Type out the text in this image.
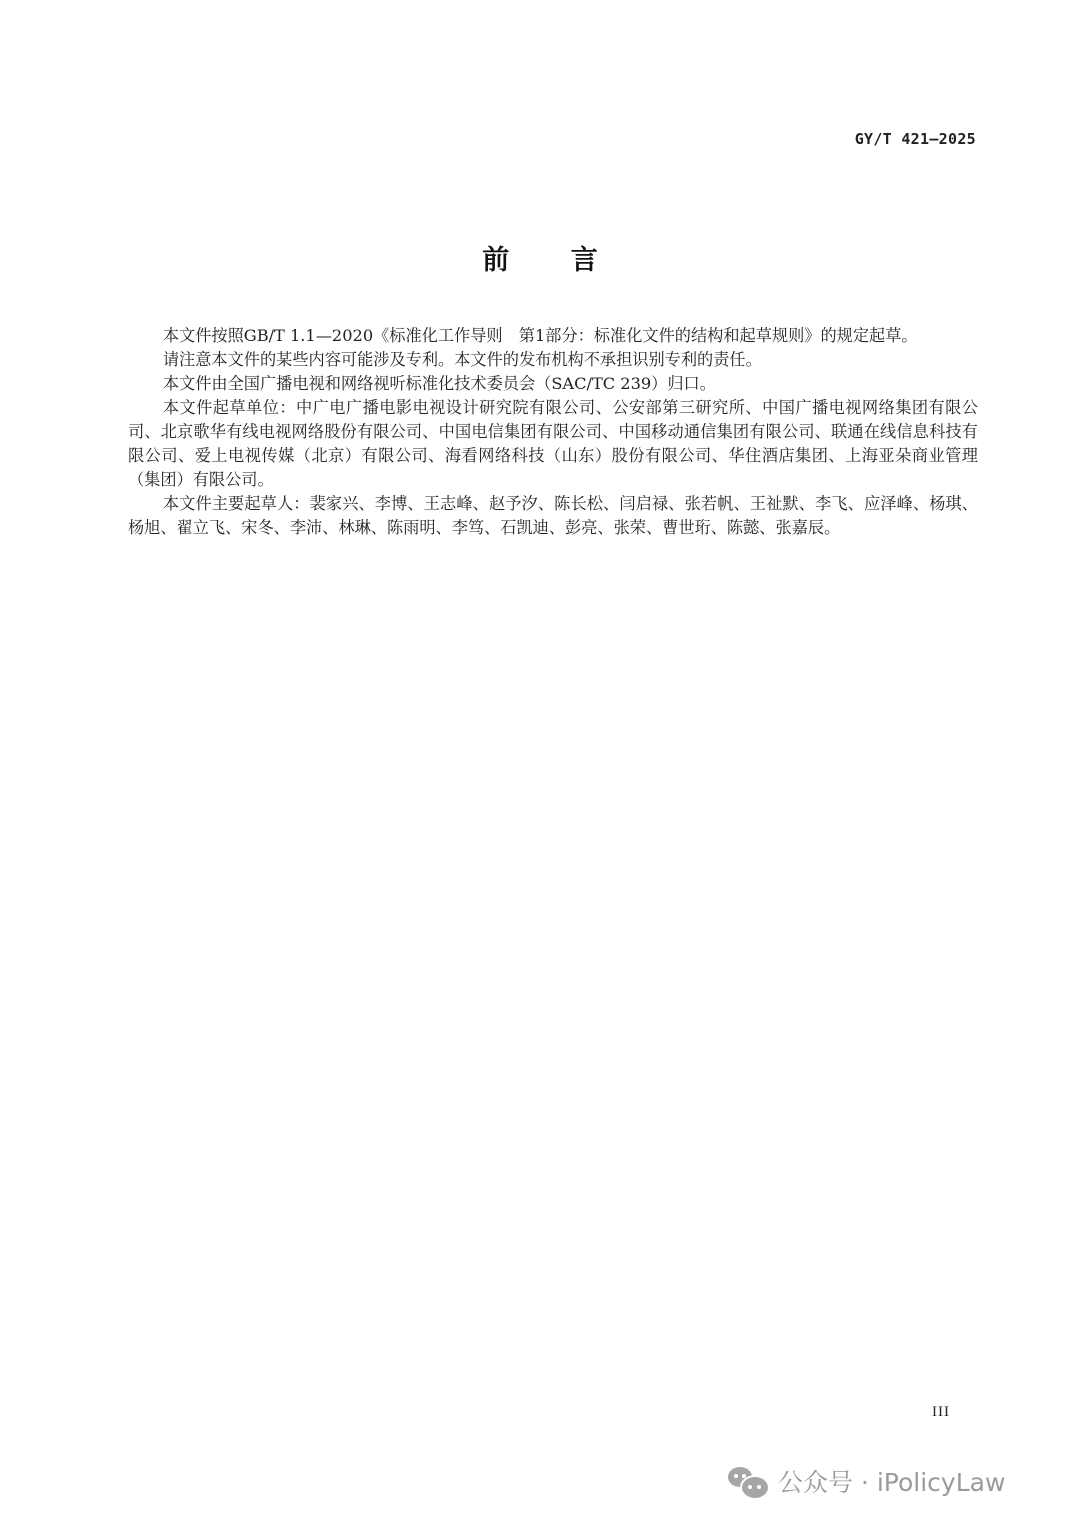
GY/T 421—2025
前 言

本文件按照GB/T 1.1—2020《标准化工作导则　第1部分：标准化文件的结构和起草规则》的规定起草。

请注意本文件的某些内容可能涉及专利。本文件的发布机构不承担识别专利的责任。

本文件由全国广播电视和网络视听标准化技术委员会（SAC/TC 239）归口。

本文件起草单位：中广电广播电影电视设计研究院有限公司、公安部第三研究所、中国广播电视网络集团有限公司、北京歌华有线电视网络股份有限公司、中国电信集团有限公司、中国移动通信集团有限公司、联通在线信息科技有限公司、爱上电视传媒（北京）有限公司、海看网络科技（山东）股份有限公司、华住酒店集团、上海亚朵商业管理（集团）有限公司。

本文件主要起草人：裴家兴、李博、王志峰、赵予汐、陈长松、闫启禄、张若帆、王祉默、李飞、应泽峰、杨琪、杨旭、翟立飞、宋冬、李沛、林琳、陈雨明、李笃、石凯迪、彭亮、张荣、曹世珩、陈懿、张嘉辰。

III
公众号 · iPolicyLaw
